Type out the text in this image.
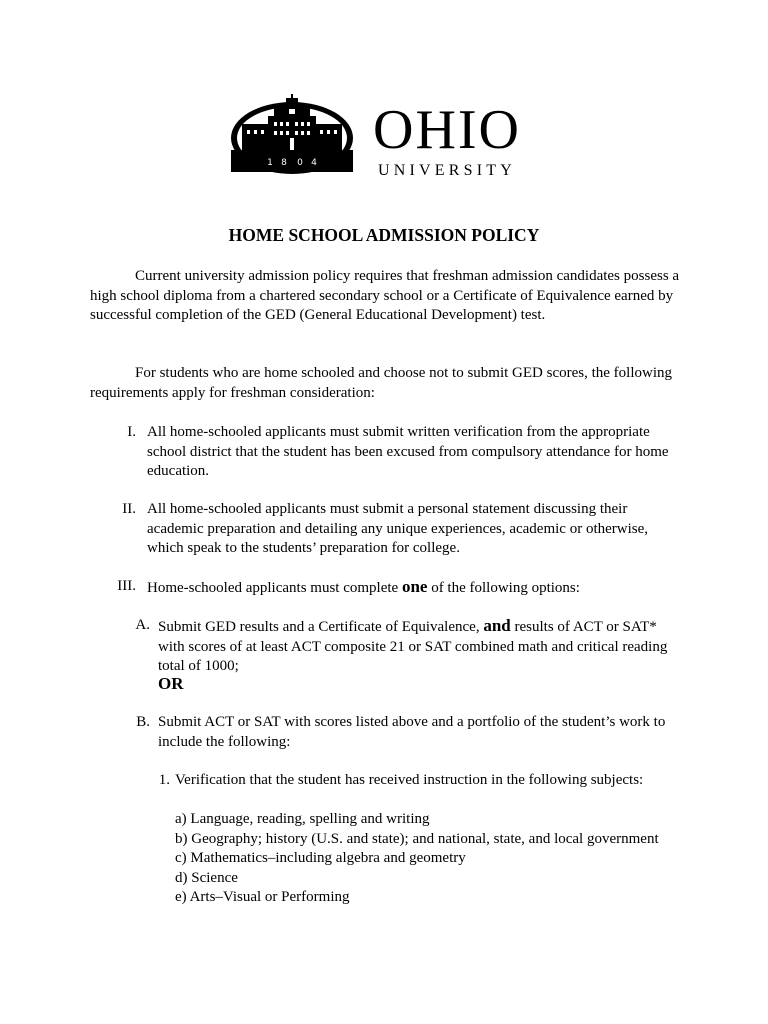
1 8 0 4
OHIO
UNIVERSITY
HOME SCHOOL ADMISSION POLICY
Current university admission policy requires that freshman admission candidates possess a high school diploma from a chartered secondary school or a Certificate of Equivalence earned by successful completion of the GED (General Educational Development) test.
For students who are home schooled and choose not to submit GED scores, the following requirements apply for freshman consideration:
I. All home-schooled applicants must submit written verification from the appropriate school district that the student has been excused from compulsory attendance for home education.
II. All home-schooled applicants must submit a personal statement discussing their academic preparation and detailing any unique experiences, academic or otherwise, which speak to the students’ preparation for college.
III. Home-schooled applicants must complete one of the following options:
A. Submit GED results and a Certificate of Equivalence, and results of ACT or SAT* with scores of at least ACT composite 21 or SAT combined math and critical reading total of 1000;
OR
B. Submit ACT or SAT with scores listed above and a portfolio of the student’s work to include the following:
1. Verification that the student has received instruction in the following subjects:
a) Language, reading, spelling and writing
b) Geography; history (U.S. and state); and national, state, and local government
c) Mathematics–including algebra and geometry
d) Science
e) Arts–Visual or Performing
